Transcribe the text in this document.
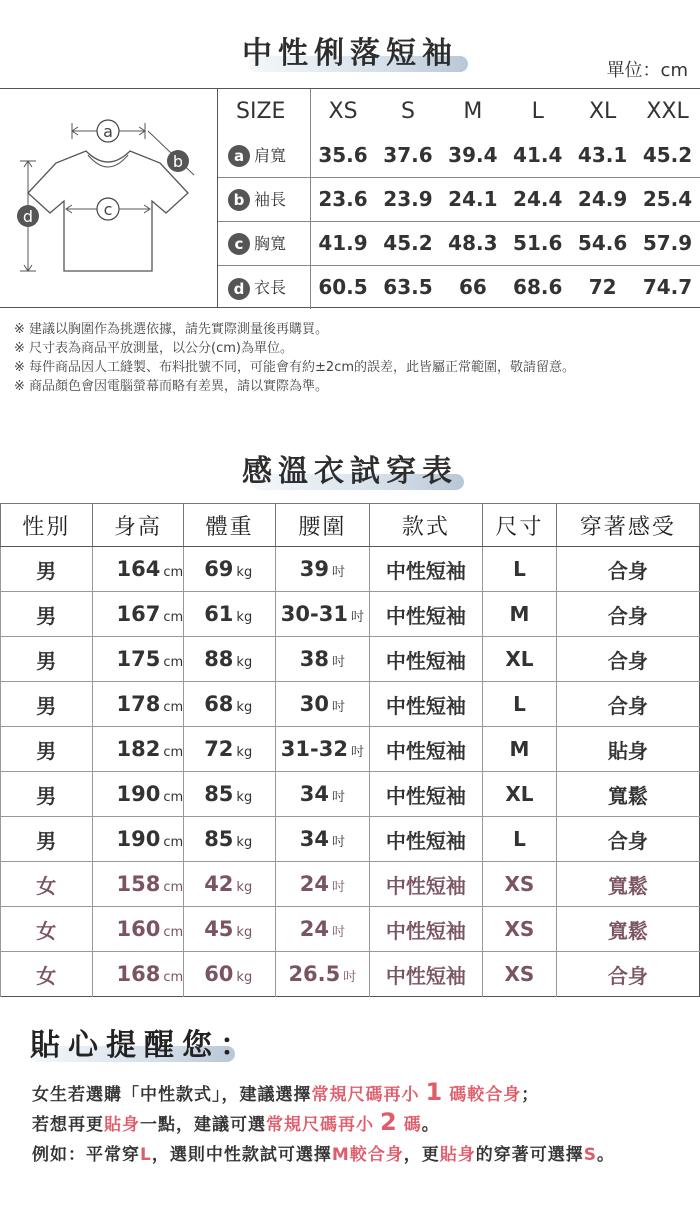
中性俐落短袖	單位：cm
a
b
c
d
SIZE	XS	S	M	L	XL	XXL
a 肩寬	35.6	37.6	39.4	41.4	43.1	45.2
b 袖長	23.6	23.9	24.1	24.4	24.9	25.4
c 胸寬	41.9	45.2	48.3	51.6	54.6	57.9
d 衣長	60.5	63.5	66	68.6	72	74.7
※ 建議以胸圍作為挑選依據，請先實際測量後再購買。
※ 尺寸表為商品平放測量，以公分(cm)為單位。
※ 每件商品因人工縫製、布料批號不同，可能會有約±2cm的誤差，此皆屬正常範圍，敬請留意。
※ 商品顏色會因電腦螢幕而略有差異，請以實際為準。
感溫衣試穿表
性別	身高	體重	腰圍	款式	尺寸	穿著感受
男	164 cm	69 kg	39 吋	中性短袖	L	合身
男	167 cm	61 kg	30-31 吋	中性短袖	M	合身
男	175 cm	88 kg	38 吋	中性短袖	XL	合身
男	178 cm	68 kg	30 吋	中性短袖	L	合身
男	182 cm	72 kg	31-32 吋	中性短袖	M	貼身
男	190 cm	85 kg	34 吋	中性短袖	XL	寬鬆
男	190 cm	85 kg	34 吋	中性短袖	L	合身
女	158 cm	42 kg	24 吋	中性短袖	XS	寬鬆
女	160 cm	45 kg	24 吋	中性短袖	XS	寬鬆
女	168 cm	60 kg	26.5 吋	中性短袖	XS	合身
貼心提醒您：
女生若選購「中性款式」，建議選擇常規尺碼再小 1 碼較合身；
若想再更貼身一點，建議可選常規尺碼再小 2 碼。
例如：平常穿L，選則中性款試可選擇M較合身，更貼身的穿著可選擇S。
